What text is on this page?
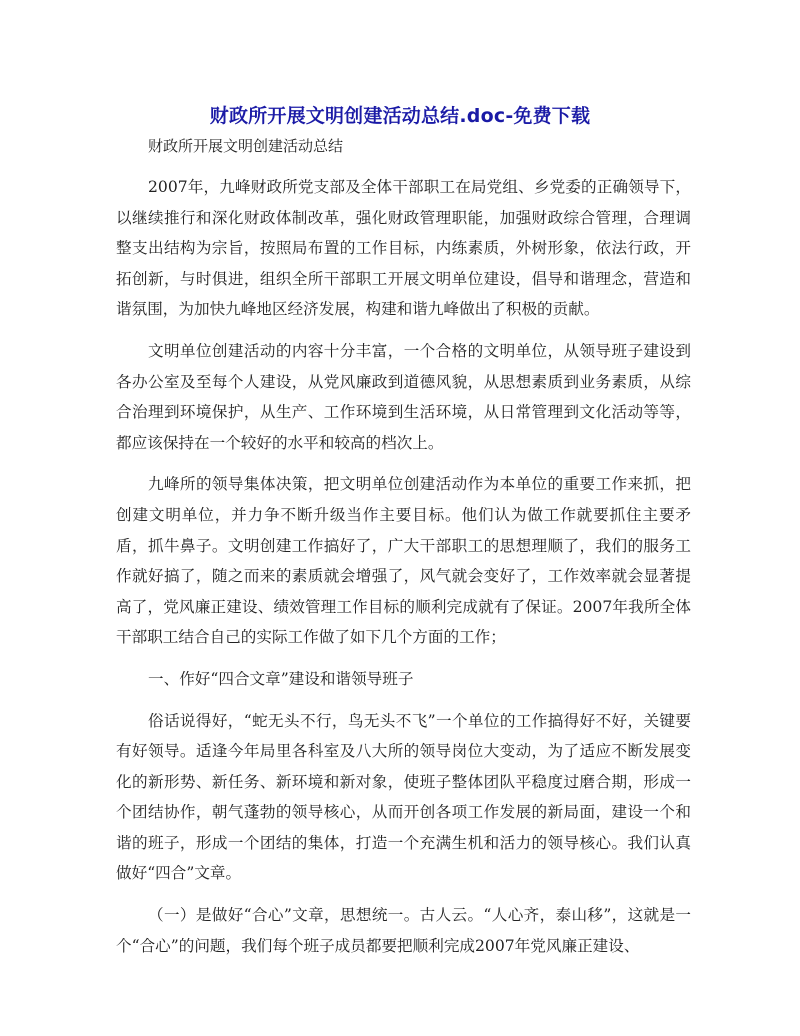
财政所开展文明创建活动总结.doc-免费下载
财政所开展文明创建活动总结

2007年，九峰财政所党支部及全体干部职工在局党组、乡党委的正确领导下，以继续推行和深化财政体制改革，强化财政管理职能，加强财政综合管理，合理调整支出结构为宗旨，按照局布置的工作目标，内练素质，外树形象，依法行政，开拓创新，与时俱进，组织全所干部职工开展文明单位建设，倡导和谐理念，营造和谐氛围，为加快九峰地区经济发展，构建和谐九峰做出了积极的贡献。

文明单位创建活动的内容十分丰富，一个合格的文明单位，从领导班子建设到各办公室及至每个人建设，从党风廉政到道德风貌，从思想素质到业务素质，从综合治理到环境保护，从生产、工作环境到生活环境，从日常管理到文化活动等等，都应该保持在一个较好的水平和较高的档次上。

九峰所的领导集体决策，把文明单位创建活动作为本单位的重要工作来抓，把创建文明单位，并力争不断升级当作主要目标。他们认为做工作就要抓住主要矛盾，抓牛鼻子。文明创建工作搞好了，广大干部职工的思想理顺了，我们的服务工作就好搞了，随之而来的素质就会增强了，风气就会变好了，工作效率就会显著提高了，党风廉正建设、绩效管理工作目标的顺利完成就有了保证。2007年我所全体干部职工结合自己的实际工作做了如下几个方面的工作；

一、作好“四合文章”建设和谐领导班子

俗话说得好，“蛇无头不行，鸟无头不飞”一个单位的工作搞得好不好，关键要有好领导。适逢今年局里各科室及八大所的领导岗位大变动，为了适应不断发展变化的新形势、新任务、新环境和新对象，使班子整体团队平稳度过磨合期，形成一个团结协作，朝气蓬勃的领导核心，从而开创各项工作发展的新局面，建设一个和谐的班子，形成一个团结的集体，打造一个充满生机和活力的领导核心。我们认真做好“四合”文章。

（一）是做好“合心”文章，思想统一。古人云。“人心齐，泰山移”，这就是一个“合心”的问题，我们每个班子成员都要把顺利完成2007年党风廉正建设、
